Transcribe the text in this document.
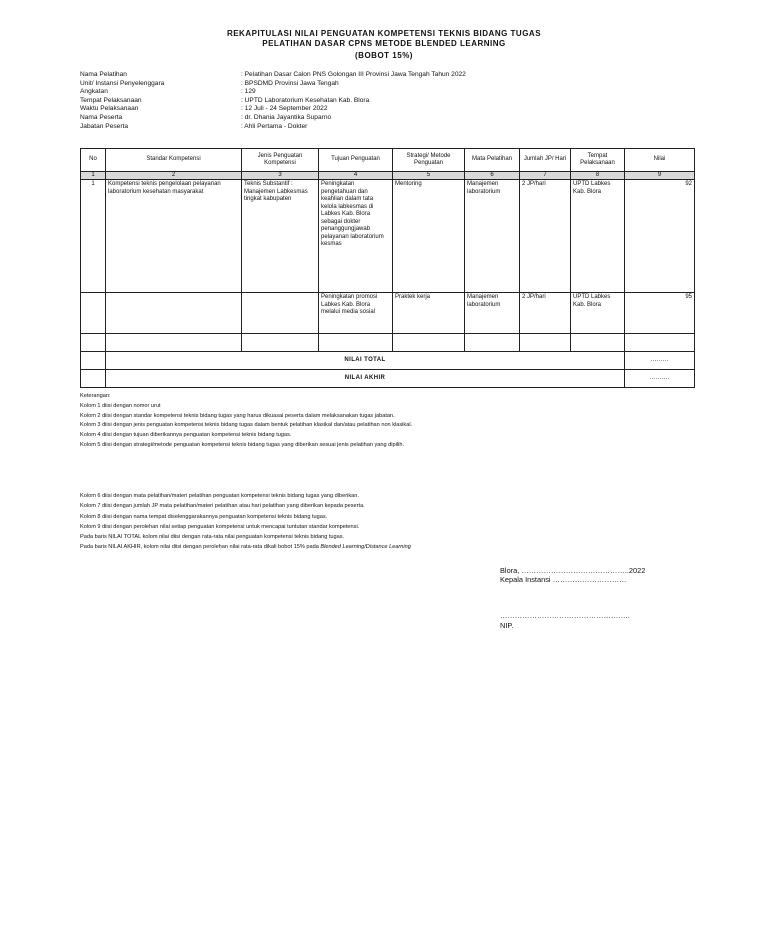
REKAPITULASI NILAI PENGUATAN KOMPETENSI TEKNIS BIDANG TUGAS
PELATIHAN DASAR CPNS METODE BLENDED LEARNING
(BOBOT 15%)
Nama Pelatihan	: Pelatihan Dasar Calon PNS Golongan III Provinsi Jawa Tengah Tahun 2022
Unit/ Instansi Penyelenggara	: BPSDMD Provinsi Jawa Tengah
Angkatan	: 129
Tempat Pelaksanaan	: UPTD Laboratorium Kesehatan Kab. Blora
Waktu Pelaksanaan	: 12 Juli - 24 September 2022
Nama Peserta	: dr. Dhania Jayantika Suparno
Jabatan Peserta	: Ahli Pertama - Dokter
No	Standar Kompetensi	Jenis Penguatan Kompetensi	Tujuan Penguatan	Strategi/ Metode Penguatan	Mata Pelatihan	Jumlah JP/ Hari	Tempat Pelaksanaan	Nilai
1	2	3	4	5	6	7	8	9
1	Kompetensi teknis pengelolaan pelayanan laboratorium kesehatan masyarakat	Teknis Substantif : Manajemen Labkesmas tingkat kabupaten	Peningkatan pengetahuan dan keahlian dalam tata kelola labkesmas di Labkes Kab. Blora sebagai dokter penanggungjawab pelayanan laboratorium kesmas	Mentoring	Manajemen laboratorium	2 JP/hari	UPTD Labkes Kab. Blora	92
			Peningkatan promosi Labkes Kab. Blora melalui media sosial	Praktek kerja	Manajemen laboratorium	2 JP/hari	UPTD Labkes Kab. Blora	95

	NILAI TOTAL							………
	NILAI AKHIR							……….
Keterangan:
Kolom 1 diisi dengan nomor urut
Kolom 2 diisi dengan standar kompetensi teknis bidang tugas yang harus dikuasai peserta dalam melaksanakan tugas jabatan.
Kolom 3 diisi dengan jenis penguatan kompetensi teknis bidang tugas dalam bentuk pelatihan klasikal dan/atau pelatihan non klasikal.
Kolom 4 diisi dengan tujuan diberikannya penguatan kompetensi teknis bidang tugas.
Kolom 5 diisi dengan strategi/metode penguatan kompetensi teknis bidang tugas yang diberikan sesuai jenis pelatihan yang dipilih.
Kolom 6 diisi dengan mata pelatihan/materi pelatihan penguatan kompetensi teknis bidang tugas yang diberikan.
Kolom 7 diisi dengan jumlah JP mata pelatihan/materi pelatihan atau hari pelatihan yang diberikan kepada peserta.
Kolom 8 diisi dengan nama tempat diselenggarakannya penguatan kompetensi teknis bidang tugas.
Kolom 9 diisi dengan perolehan nilai setiap penguatan kompetensi untuk mencapai tuntutan standar kompetensi.
Pada baris NILAI TOTAL kolom nilai diisi dengan rata-rata nilai penguatan kompetensi teknis bidang tugas.
Pada baris NILAI AKHIR, kolom nilai diisi dengan perolehan nilai rata-rata dikali bobot 15% pada Blended Learning/Distance Learning
Blora, ……………………………………..2022
Kepala Instansi …………………………
……………………………………………..
NIP.
